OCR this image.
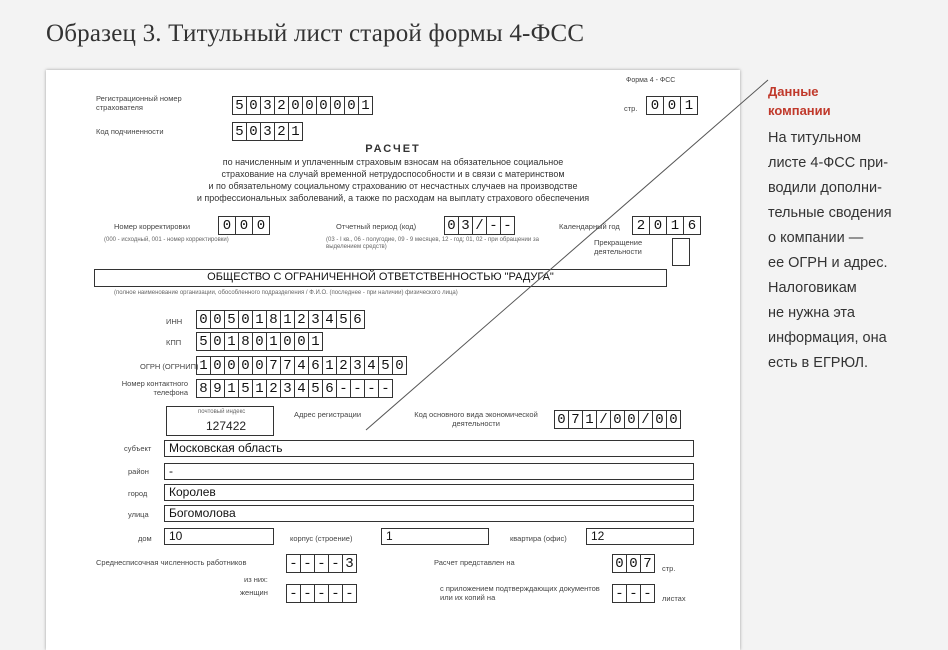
Образец 3. Титульный лист старой формы 4-ФСС
Форма 4 - ФСС
Регистрационный номер страхователя	5 0 3 2 0 0 0 0 0 1	стр. 0 0 1
Код подчиненности	5 0 3 2 1
РАСЧЕТ
по начисленным и уплаченным страховым взносам на обязательное социальное
страхование на случай временной нетрудоспособности и в связи с материнством
и по обязательному социальному страхованию от несчастных случаев на производстве
и профессиональных заболеваний, а также по расходам на выплату страхового обеспечения
Номер корректировки	0 0 0
(000 - исходный, 001 - номер корректировки)
Отчетный период (код) 0 3 / - -
(03 - I кв., 06 - полугодие, 09 - 9 месяцев, 12 - год; 01, 02 - при обращении за выделением средств)
Календарный год	2 0 1 6
Прекращение деятельности
ОБЩЕСТВО С ОГРАНИЧЕННОЙ ОТВЕТСТВЕННОСТЬЮ "РАДУГА"
(полное наименование организации, обособленного подразделения / Ф.И.О. (последнее - при наличии) физического лица)
ИНН 0 0 5 0 1 8 1 2 3 4 5 6
КПП 5 0 1 8 0 1 0 0 1
ОГРН (ОГРНИП) 1 0 0 0 0 7 7 4 6 1 2 3 4 5 0
Номер контактного телефона 8 9 1 5 1 2 3 4 5 6 - - - -
почтовый индекс
127422
Адрес регистрации	Код основного вида экономической деятельности	0 7 1 / 0 0 / 0 0
субъект	Московская область
район	-
город	Королев
улица	Богомолова
дом	10	корпус (строение)	1	квартира (офис)	12
Среднесписочная численность работников	- - - - 3	Расчет представлен на	0 0 7	стр.
из них:
женщин - - - - -	с приложением подтверждающих документов или их копий на	- - -	листах
Данные
компании
На титульном
листе 4-ФСС при-
водили дополни-
тельные сводения
о компании —
ее ОГРН и адрес.
Налоговикам
не нужна эта
информация, она
есть в ЕГРЮЛ.
